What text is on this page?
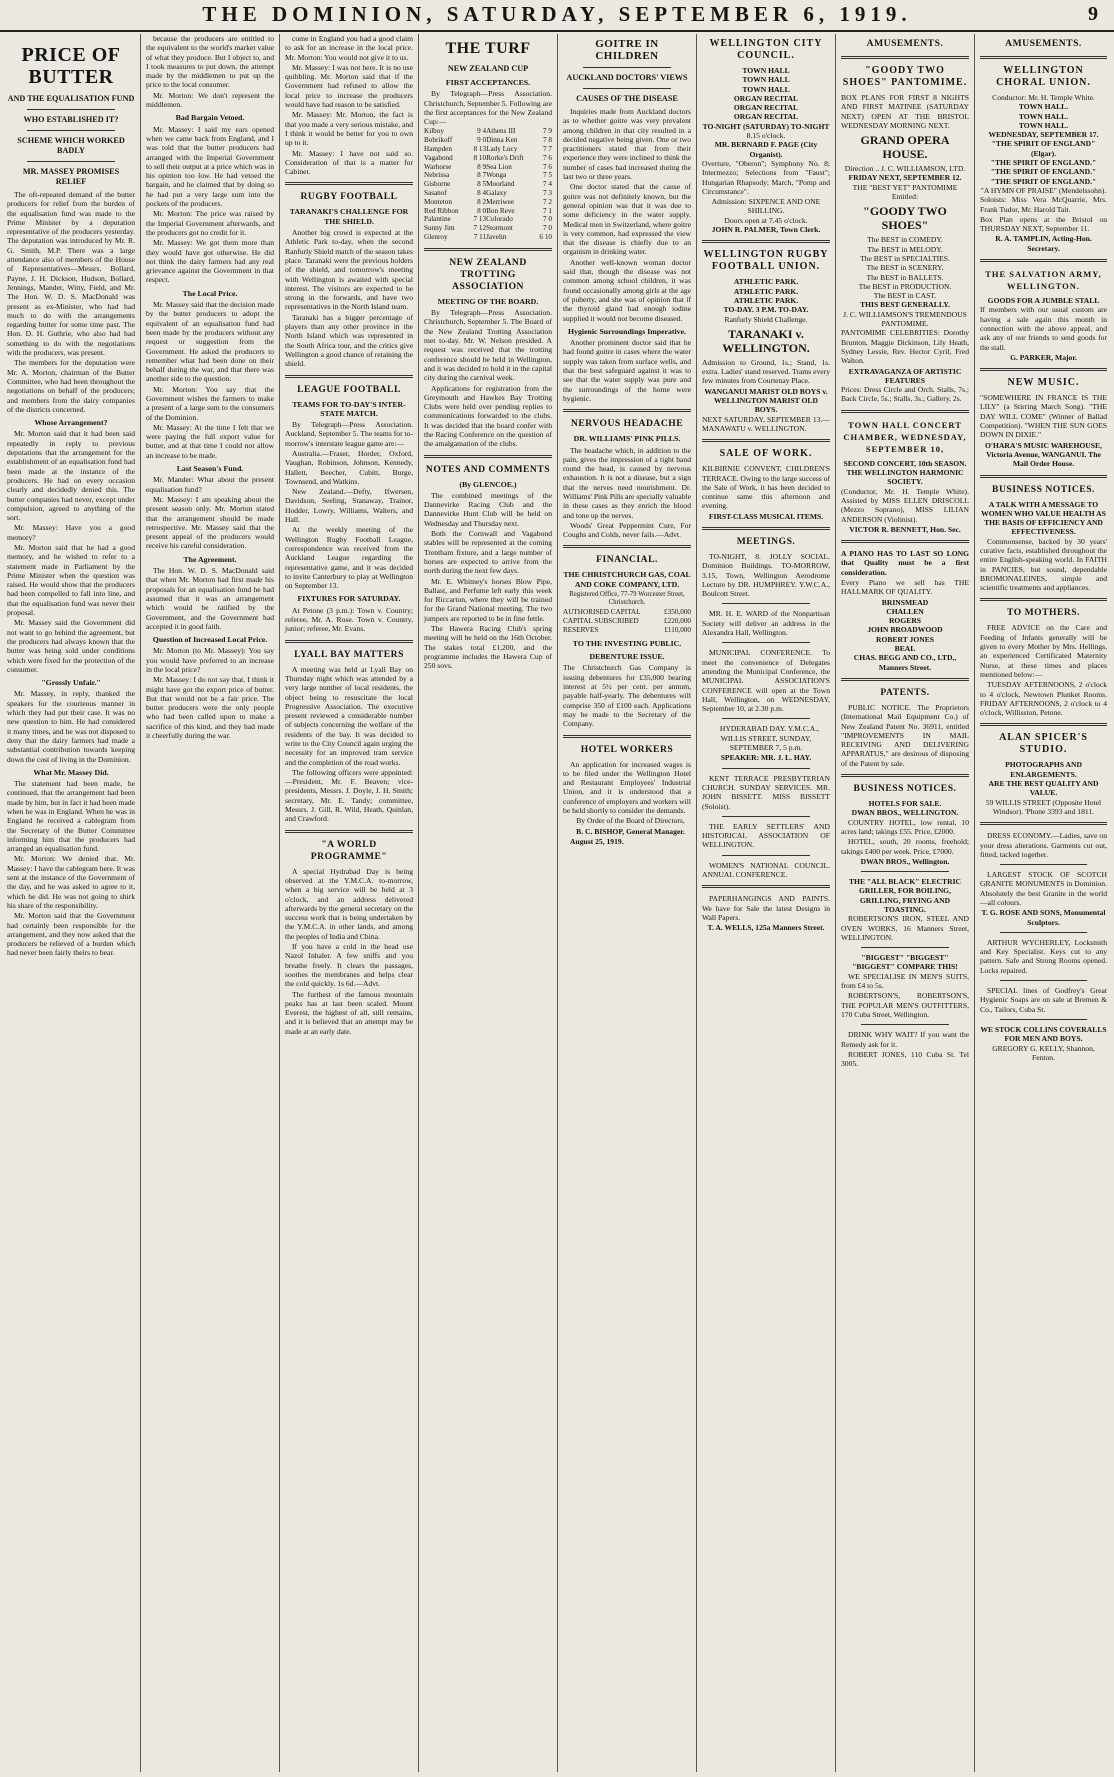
THE DOMINION, SATURDAY, SEPTEMBER 6, 1919.	9
PRICE OF BUTTER
AND THE EQUALISATION FUND
WHO ESTABLISHED IT?
SCHEME WHICH WORKED BADLY
MR. MASSEY PROMISES RELIEF

The oft-repeated demand of the butter producers for relief from the burden of the equalisation fund was made to the Prime Minister by a deputation representative of the producers yesterday. The deputation was introduced by Mr. R. G. Smith, M.P. There was a large attendance also of members of the House of Representatives—Messrs. Bollard, Payne, J. H. Dickson, Hudson, Bollard, Jennings, Mander, Witty, Field, and Mr. The Hon. W. D. S. MacDonald was present as ex-Minister, who had had much to do with the arrangements regarding butter for some time past. The Hon. D. H. Guthrie, who also had had something to do with the negotiations with the producers, was present.

The members for the deputation were Mr. A. Morton, chairman of the Butter Committee, who had been throughout the negotiations on behalf of the producers; and members from the dairy companies of the districts concerned.

Whose Arrangement?

Mr. Morton said that it had been said repeatedly in reply to previous deputations that the arrangement for the establishment of an equalisation fund had been made at the instance of the producers. He had on every occasion clearly and decidedly denied this. The butter companies had never, except under compulsion, agreed to anything of the sort.

Mr. Massey: Have you a good memory?

Mr. Morton said that he had a good memory, and he wished to refer to a statement made in Parliament by the Prime Minister when the question was raised. He would show that the producers had been compelled to fall into line, and that the equalisation fund was never their proposal.

Mr. Massey said the Government did not want to go behind the agreement, but the producers had always known that the butter was being sold under conditions which were fixed for the protection of the consumer.

"Grossly Unfair."

Mr. Massey, in reply, thanked the speakers for the courteous manner in which they had put their case. It was no new question to him. He had considered it many times, and he was not disposed to deny that the dairy farmers had made a substantial contribution towards keeping down the cost of living in the Dominion.

What Mr. Massey Did.

The statement had been made, he continued, that the arrangement had been made by him, but in fact it had been made when he was in England. When he was in England he received a cablegram from the Secretary of the Butter Committee informing him that the producers had arranged an equalisation fund.

Mr. Morton: We denied that. Mr. Massey: I have the cablegram here. It was sent at the instance of the Government of the day, and he was asked to agree to it, which he did. He was not going to shirk his share of the responsibility.

Mr. Morton said that the Government had certainly been responsible for the arrangement, and they now asked that the producers be relieved of a burden which had never been fairly theirs to bear.

because the producers are entitled to the equivalent to the world's market value of what they produce. But I object to, and I took measures to put down, the attempt made by the middlemen to put up the price to the local consumer.

Mr. Morton: We don't represent the middlemen.

Bad Bargain Vetoed.

Mr. Massey: I said my ears opened when we came back from England, and I was told that the butter producers had arranged with the Imperial Government to sell their output at a price which was in his opinion too low. He had vetoed the bargain, and he claimed that by doing so he had put a very large sum into the pockets of the producers.

Mr. Morton: The price was raised by the Imperial Government afterwards, and the producers got no credit for it.

Mr. Massey: We got them more than they would have got otherwise. He did not think the dairy farmers had any real grievance against the Government in that respect.

The Local Price.

Mr. Massey said that the decision made by the butter producers to adopt the equivalent of an equalisation fund had been made by the producers without any request or suggestion from the Government. He asked the producers to remember what had been done on their behalf during the war, and that there was another side to the question.

Mr. Morton: You say that the Government wishes the farmers to make a present of a large sum to the consumers of the Dominion.

Mr. Massey: At the time I felt that we were paying the full export value for butter, and at that time I could not allow an increase to be made.

Last Season's Fund.

Mr. Mander: What about the present equalisation fund?

Mr. Massey: I am speaking about the present season only. Mr. Morton stated that the arrangement should be made retrospective. Mr. Massey said that the present appeal of the producers would receive his careful consideration.

The Agreement.

The Hon. W. D. S. MacDonald said that when Mr. Morton had first made his proposals for an equalisation fund he had assumed that it was an arrangement which would be ratified by the Government, and the Government had accepted it in good faith.

Question of Increased Local Price.

Mr. Morton (to Mr. Massey): You say you would have preferred to an increase in the local price?

Mr. Massey: I do not say that. I think it might have got the export price of butter. But that would not be a fair price. The butter producers were the only people who had been called upon to make a sacrifice of this kind, and they had made it cheerfully during the war.

come in England you had a good claim to ask for an increase in the local price. Mr. Morton: You would not give it to us.

Mr. Massey: I was not here. It is no use quibbling. Mr. Morton said that if the Government had refused to allow the local price to increase the producers would have had reason to be satisfied.

Mr. Massey: Mr. Morton, the fact is that you made a very serious mistake, and I think it would be better for you to own up to it.

Mr. Massey: I have not said so. Consideration of that is a matter for Cabinet.

RUGBY FOOTBALL
TARANAKI'S CHALLENGE FOR THE SHIELD.

Another big crowd is expected at the Athletic Park to-day, when the second Ranfurly Shield match of the season takes place. Taranaki were the previous holders of the shield, and tomorrow's meeting with Wellington is awaited with special interest. The visitors are expected to be strong in the forwards, and have two representatives in the North Island team.

Taranaki has a bigger percentage of players than any other province in the North Island which was represented in the South Africa tour, and the critics give Wellington a good chance of retaining the shield.

LEAGUE FOOTBALL
TEAMS FOR TO-DAY'S INTER-STATE MATCH.

By Telegraph—Press Association. Auckland, September 5. The teams for to-morrow's interstate league game are:—

Australia.—Fraser, Horder, Oxford, Vaughan, Robinson, Johnson, Kennedy, Hallett, Beecher, Cubitt, Burge, Townsend, and Watkins.

New Zealand.—Defty, Ifwersen, Davidson, Seeling, Stanaway, Trainor, Hodder, Lowry, Williams, Walters, and Hall.

At the weekly meeting of the Wellington Rugby Football League, correspondence was received from the Auckland League regarding the representative game, and it was decided to invite Canterbury to play at Wellington on September 13.

FIXTURES FOR SATURDAY.

At Petone (3 p.m.): Town v. Country; referee, Mr. A. Rose. Town v. Country, junior; referee, Mr. Evans.

LYALL BAY MATTERS

A meeting was held at Lyall Bay on Thursday night which was attended by a very large number of local residents, the object being to resuscitate the local Progressive Association. The executive present reviewed a considerable number of subjects concerning the welfare of the residents of the bay. It was decided to write to the City Council again urging the necessity for an improved tram service and the completion of the road works.

The following officers were appointed:—President, Mr. F. Beaven; vice-presidents, Messrs. J. Doyle, J. H. Smith; secretary, Mr. E. Tandy; committee, Messrs. J. Gill, R. Wild, Heath, Quinlan, and Crawford.

"A WORLD PROGRAMME"

A special Hydrabad Day is being observed at the Y.M.C.A. to-morrow, when a big service will be held at 3 o'clock, and an address delivered afterwards by the general secretary on the success work that is being undertaken by the Y.M.C.A. in other lands, and among the peoples of India and China.

If you have a cold in the head use Nazol Inhaler. A few sniffs and you breathe freely. It clears the passages, soothes the membranes and helps clear the cold quickly. 1s 6d.—Advt.

The furthest of the famous mountain peaks has at last been scaled. Mount Everest, the highest of all, still remains, and it is believed that an attempt may be made at an early date.

THE TURF
NEW ZEALAND CUP
FIRST ACCEPTANCES.

By Telegraph—Press Association. Christchurch, September 5. Following are the first acceptances for the New Zealand Cup:—

Kilboy	9 4	Athens III	7 9
Bobrikoff	9 0	Dinna Ken	7 8
Hampden	8 13	Lady Lucy	7 7
Vagabond	8 10	Rorke's Drift	7 6
Warhorse	8 9	Sea Lion	7 6
Nebrissa	8 7	Wonga	7 5
Gisborne	8 5	Moorland	7 4
Sasanof	8 4	Galaxy	7 3
Monteton	8 2	Merriwee	7 2
Red Ribbon	8 0	Bon Reve	7 1
Palantine	7 13	Colorado	7 0
Sunny Jim	7 12	Stormont	7 0
Glenroy	7 11	Javelin	6 10
NEW ZEALAND TROTTING ASSOCIATION
MEETING OF THE BOARD.

By Telegraph—Press Association. Christchurch, September 5. The Board of the New Zealand Trotting Association met to-day. Mr. W. Nelson presided. A request was received that the trotting conference should be held in Wellington, and it was decided to hold it in the capital city during the carnival week.

Applications for registration from the Greymouth and Hawkes Bay Trotting Clubs were held over pending replies to communications forwarded to the clubs. It was decided that the board confer with the Racing Conference on the question of the amalgamation of the clubs.

NOTES AND COMMENTS
(By GLENCOE.)

The combined meetings of the Dannevirke Racing Club and the Dannevirke Hunt Club will be held on Wednesday and Thursday next.

Both the Cornwall and Vagabond stables will be represented at the coming Trentham fixture, and a large number of horses are expected to arrive from the north during the next few days.

Mr. E. Whitney's horses Blow Pipe, Ballast, and Perfume left early this week for Riccarton, where they will be trained for the Grand National meeting. The two jumpers are reported to be in fine fettle.

The Hawera Racing Club's spring meeting will be held on the 16th October. The stakes total £1,200, and the programme includes the Hawera Cup of 250 sovs.

GOITRE IN CHILDREN
AUCKLAND DOCTORS' VIEWS
CAUSES OF THE DISEASE

Inquiries made from Auckland doctors as to whether goitre was very prevalent among children in that city resulted in a decided negative being given. One or two practitioners stated that from their experience they were inclined to think the number of cases had increased during the last two or three years.

One doctor stated that the cause of goitre was not definitely known, but the general opinion was that it was due to some deficiency in the water supply. Medical men in Switzerland, where goitre is very common, had expressed the view that the disease is chiefly due to an organism in drinking water.

Another well-known woman doctor said that, though the disease was not common among school children, it was found occasionally among girls at the age of puberty, and she was of opinion that if the thyroid gland had enough iodine supplied it would not become diseased.

Hygienic Surroundings Imperative.

Another prominent doctor said that he had found goitre in cases where the water supply was taken from surface wells, and that the best safeguard against it was to see that the water supply was pure and the surroundings of the home were hygienic.

NERVOUS HEADACHE
DR. WILLIAMS' PINK PILLS.

The headache which, in addition to the pain, gives the impression of a tight band round the head, is caused by nervous exhaustion. It is not a disease, but a sign that the nerves need nourishment. Dr. Williams' Pink Pills are specially valuable in these cases as they enrich the blood and tone up the nerves.

Woods' Great Peppermint Cure, For Coughs and Colds, never fails.—Advt.

FINANCIAL.
THE CHRISTCHURCH GAS, COAL AND COKE COMPANY, LTD.

Registered Office, 77-79 Worcester Street, Christchurch.

AUTHORISED CAPITAL	£350,000
CAPITAL SUBSCRIBED	£220,000
RESERVES	£110,000
TO THE INVESTING PUBLIC.
DEBENTURE ISSUE.

The Christchurch Gas Company is issuing debentures for £35,000 bearing interest at 5½ per cent. per annum, payable half-yearly. The debentures will comprise 350 of £100 each. Applications may be made to the Secretary of the Company.

HOTEL WORKERS

An application for increased wages is to be filed under the Wellington Hotel and Restaurant Employees' Industrial Union, and it is understood that a conference of employers and workers will be held shortly to consider the demands.

By Order of the Board of Directors,

B. C. BISHOP, General Manager.

August 25, 1919.

WELLINGTON CITY COUNCIL.
TOWN HALL
TOWN HALL
TOWN HALL
ORGAN RECITAL
ORGAN RECITAL
ORGAN RECITAL
TO-NIGHT (SATURDAY) TO-NIGHT
8.15 o'clock.
MR. BERNARD F. PAGE (City Organist).

Overture, "Oberon"; Symphony No. 8; Intermezzo; Selections from "Faust"; Hungarian Rhapsody; March, "Pomp and Circumstance".

Admission: SIXPENCE AND ONE SHILLING.
Doors open at 7.45 o'clock.
JOHN R. PALMER, Town Clerk.
WELLINGTON RUGBY FOOTBALL UNION.
ATHLETIC PARK.
ATHLETIC PARK.
ATHLETIC PARK.
TO-DAY. 3 P.M. TO-DAY.
Ranfurly Shield Challenge.
TARANAKI v. WELLINGTON.

Admission to Ground, 1s.; Stand, 1s. extra. Ladies' stand reserved. Trams every few minutes from Courtenay Place.

WANGANUI MARIST OLD BOYS v. WELLINGTON MARIST OLD BOYS.

NEXT SATURDAY, SEPTEMBER 13.—MANAWATU v. WELLINGTON.

SALE OF WORK.

KILBIRNIE CONVENT, CHILDREN'S TERRACE. Owing to the large success of the Sale of Work, it has been decided to continue same this afternoon and evening.

FIRST-CLASS MUSICAL ITEMS.
MEETINGS.

TO-NIGHT, 8. JOLLY SOCIAL. Dominion Buildings. TO-MORROW, 3.15, Town, Wellington Aerodrome Lecture by DR. HUMPHREY. Y.W.C.A., Boulcott Street.

MR. H. E. WARD of the Nonpartisan Society will deliver an address in the Alexandra Hall, Wellington.

MUNICIPAL CONFERENCE. To meet the convenience of Delegates attending the Municipal Conference, the MUNICIPAL ASSOCIATION'S CONFERENCE will open at the Town Hall, Wellington, on WEDNESDAY, September 10, at 2.30 p.m.

HYDERABAD DAY. Y.M.C.A., WILLIS STREET, SUNDAY, SEPTEMBER 7, 5 p.m.

SPEAKER: MR. J. L. HAY.

KENT TERRACE PRESBYTERIAN CHURCH. SUNDAY SERVICES. MR. JOHN BISSETT. MISS BISSETT (Soloist).

THE EARLY SETTLERS' AND HISTORICAL ASSOCIATION OF WELLINGTON.

WOMEN'S NATIONAL COUNCIL. ANNUAL CONFERENCE.

PAPERHANGINGS AND PAINTS. We have for Sale the latest Designs in Wall Papers.

T. A. WELLS, 125a Manners Street.
AMUSEMENTS.
"GOODY TWO SHOES" PANTOMIME.

BOX PLANS FOR FIRST 8 NIGHTS AND FIRST MATINEE (SATURDAY NEXT) OPEN AT THE BRISTOL WEDNESDAY MORNING NEXT.

GRAND OPERA HOUSE.
Direction .. J. C. WILLIAMSON, LTD.
FRIDAY NEXT, SEPTEMBER 12.
THE "BEST YET" PANTOMIME Entitled:
"GOODY TWO SHOES"
The BEST in COMEDY.
The BEST in MELODY.
The BEST in SPECIALTIES.
The BEST in SCENERY.
The BEST in BALLETS.
The BEST in PRODUCTION.
The BEST in CAST.
THIS BEST GENERALLY.
J. C. WILLIAMSON'S TREMENDOUS PANTOMIME.

PANTOMIME CELEBRITIES: Dorothy Brunton, Maggie Dickinson, Lily Heath, Sydney Lessie, Rev. Hector Cyril, Fred Walton.

EXTRAVAGANZA OF ARTISTIC FEATURES

Prices: Dress Circle and Orch. Stalls, 7s.; Back Circle, 5s.; Stalls, 3s.; Gallery, 2s.

TOWN HALL CONCERT CHAMBER, WEDNESDAY, SEPTEMBER 10,
SECOND CONCERT, 10th SEASON. THE WELLINGTON HARMONIC SOCIETY.

(Conductor, Mr. H. Temple White). Assisted by MISS ELLEN DRISCOLL (Mezzo Soprano), MISS LILIAN ANDERSON (Violinist).

VICTOR R. BENNETT, Hon. Sec.

A PIANO HAS TO LAST SO LONG that Quality must be a first consideration.

Every Piano we sell has THE HALLMARK OF QUALITY.

BRINSMEAD
CHALLEN
ROGERS
JOHN BROADWOOD
ROBERT JONES
BEAL
CHAS. BEGG AND CO., LTD., Manners Street.
PATENTS.

PUBLIC NOTICE. The Proprietors (International Mail Equipment Co.) of New Zealand Patent No. 36911, entitled "IMPROVEMENTS IN MAIL RECEIVING AND DELIVERING APPARATUS," are desirous of disposing of the Patent by sale.

BUSINESS NOTICES.
HOTELS FOR SALE.
DWAN BROS., WELLINGTON.

COUNTRY HOTEL, low rental, 10 acres land; takings £55. Price, £2000.

HOTEL, south, 20 rooms, freehold; takings £400 per week. Price, £7000.

DWAN BROS., Wellington.
THE "ALL BLACK" ELECTRIC GRILLER, FOR BOILING, GRILLING, FRYING AND TOASTING.

ROBERTSON'S IRON, STEEL AND OVEN WORKS, 16 Manners Street, WELLINGTON.

"BIGGEST" "BIGGEST" "BIGGEST" COMPARE THIS!

WE SPECIALISE IN MEN'S SUITS, from £4 to 5s.

ROBERTSON'S, ROBERTSON'S, THE POPULAR MEN'S OUTFITTERS, 170 Cuba Street, Wellington.

DRINK WHY WAIT? If you want the Remedy ask for it.

ROBERT JONES, 110 Cuba St. Tel 3005.

AMUSEMENTS.
WELLINGTON CHORAL UNION.
Conductor: Mr. H. Temple White.
TOWN HALL.
TOWN HALL.
TOWN HALL.
WEDNESDAY, SEPTEMBER 17.
"THE SPIRIT OF ENGLAND" (Elgar).
"THE SPIRIT OF ENGLAND."
"THE SPIRIT OF ENGLAND."
"THE SPIRIT OF ENGLAND."
"A HYMN OF PRAISE" (Mendelssohn).

Soloists: Miss Vera McQuarrie, Mrs. Frank Tudor, Mr. Harold Tait.

Box Plan opens at the Bristol on THURSDAY NEXT, September 11.

R. A. TAMPLIN, Acting-Hon. Secretary.
THE SALVATION ARMY, WELLINGTON.
GOODS FOR A JUMBLE STALL

If members with our usual custom are having a sale again this month in connection with the above appeal, and ask any of our friends to send goods for the stall.

G. PARKER, Major.
NEW MUSIC.

"SOMEWHERE IN FRANCE IS THE LILY" (a Stirring March Song). "THE DAY WILL COME" (Winner of Ballad Competition). "WHEN THE SUN GOES DOWN IN DIXIE."

O'HARA'S MUSIC WAREHOUSE, Victoria Avenue, WANGANUI. The Mail Order House.
BUSINESS NOTICES.
A TALK WITH A MESSAGE TO WOMEN WHO VALUE HEALTH AS THE BASIS OF EFFICIENCY AND EFFECTIVENESS.

Commonsense, backed by 30 years' curative facts, established throughout the entire English-speaking world. In FAITH in PANCIES, but sound, dependable BROMONALEINES, simple and scientific treatments and appliances.

TO MOTHERS.

FREE ADVICE on the Care and Feeding of Infants generally will be given to every Mother by Mrs. Hellings, an experienced Certificated Maternity Nurse, at these times and places mentioned below:—

TUESDAY AFTERNOONS, 2 o'clock to 4 o'clock, Newtown Plunket Rooms. FRIDAY AFTERNOONS, 2 o'clock to 4 o'clock, Willisston, Petone.

ALAN SPICER'S STUDIO.
PHOTOGRAPHS AND ENLARGEMENTS.
ARE THE BEST QUALITY AND VALUE.

59 WILLIS STREET (Opposite Hotel Windsor). 'Phone 3393 and 1811.

DRESS ECONOMY.—Ladies, save on your dress alterations. Garments cut out, fitted, tacked together.

LARGEST STOCK OF SCOTCH GRANITE MONUMENTS in Dominion. Absolutely the best Granite in the world—all colours.

T. G. ROSE AND SONS, Monumental Sculptors.

ARTHUR WYCHERLEY, Locksmith and Key Specialist. Keys cut to any pattern. Safe and Strong Rooms opened. Locks repaired.

SPECIAL lines of Godfrey's Great Hygienic Soaps are on sale at Bremen & Co., Tailors, Cuba St.

WE STOCK COLLINS COVERALLS FOR MEN AND BOYS.
GREGORY G. KELLY, Shannon, Fenton.
